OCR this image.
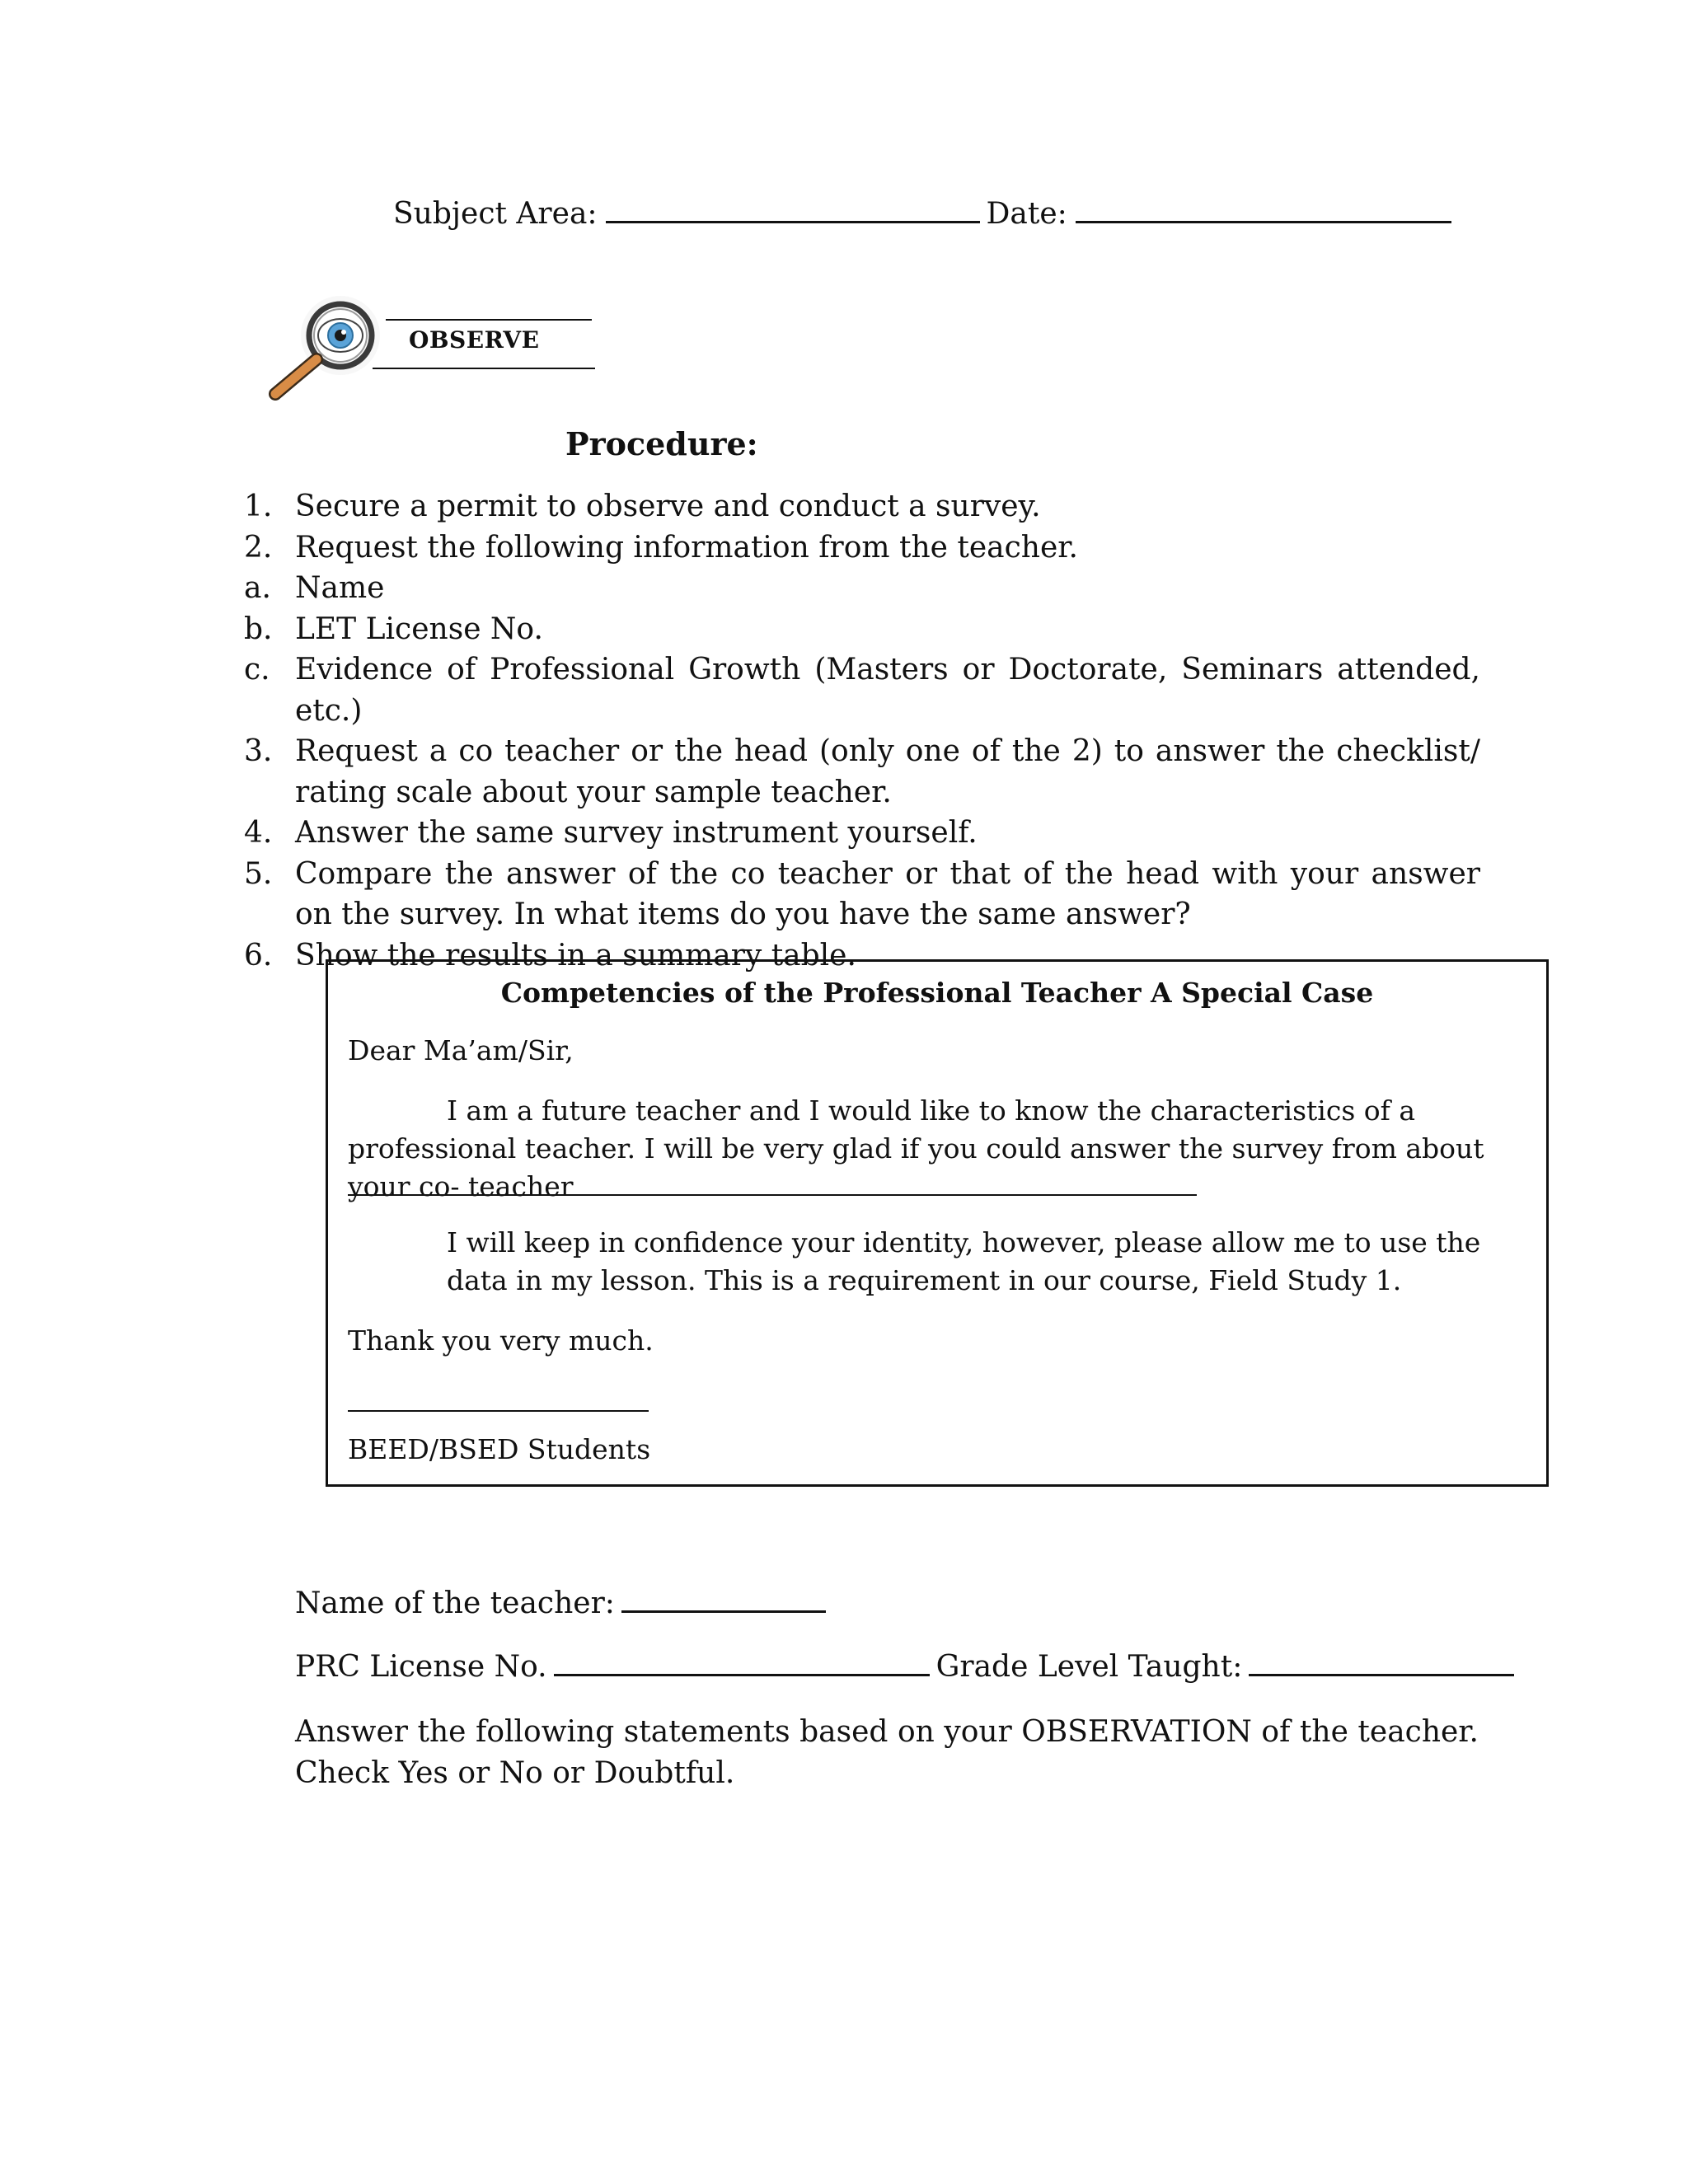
Subject Area:	Date:
OBSERVE
Procedure:
1. Secure a permit to observe and conduct a survey.
2. Request the following information from the teacher.
a. Name
b. LET License No.
c. Evidence of Professional Growth (Masters or Doctorate, Seminars attended, etc.)
3. Request a co teacher or the head (only one of the 2) to answer the checklist/ rating scale about your sample teacher.
4. Answer the same survey instrument yourself.
5. Compare the answer of the co teacher or that of the head with your answer on the survey. In what items do you have the same answer?
6. Show the results in a summary table.
Competencies of the Professional Teacher A Special Case
Dear Ma’am/Sir,
I am a future teacher and I would like to know the characteristics of a professional teacher. I will be very glad if you could answer the survey from about your co- teacher
I will keep in confidence your identity, however, please allow me to use the data in my lesson. This is a requirement in our course, Field Study 1.
Thank you very much.
BEED/BSED Students
Name of the teacher:
PRC License No.	Grade Level Taught:
Answer the following statements based on your OBSERVATION of the teacher. Check Yes or No or Doubtful.
